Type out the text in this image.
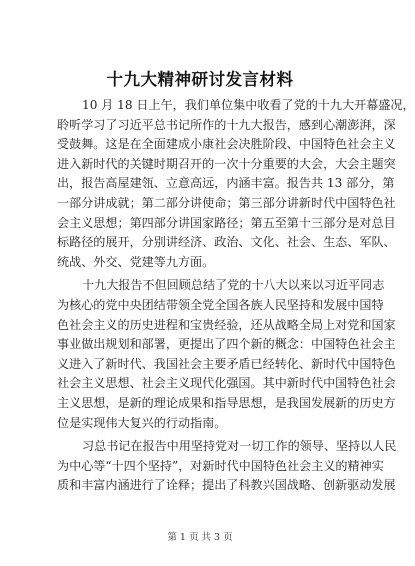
十九大精神研讨发言材料
10 月 18 日上午，我们单位集中收看了党的十九大开幕盛况，
聆听学习了习近平总书记所作的十九大报告，感到心潮澎湃，深
受鼓舞。这是在全面建成小康社会决胜阶段、中国特色社会主义
进入新时代的关键时期召开的一次十分重要的大会，大会主题突
出，报告高屋建瓴、立意高远，内涵丰富。报告共 13 部分，第
一部分讲成就；第二部分讲使命；第三部分讲新时代中国特色社
会主义思想；第四部分讲国家路径；第五至第十三部分是对总目
标路径的展开，分别讲经济、政治、文化、社会、生态、军队、
统战、外交、党建等九方面。
十九大报告不但回顾总结了党的十八大以来以习近平同志
为核心的党中央团结带领全党全国各族人民坚持和发展中国特
色社会主义的历史进程和宝贵经验，还从战略全局上对党和国家
事业做出规划和部署，更提出了四个新的概念：中国特色社会主
义进入了新时代、我国社会主要矛盾已经转化、新时代中国特色
社会主义思想、社会主义现代化强国。其中新时代中国特色社会
主义思想，是新的理论成果和指导思想，是我国发展新的历史方
位是实现伟大复兴的行动指南。
习总书记在报告中用坚持党对一切工作的领导、坚持以人民
为中心等“十四个坚持”，对新时代中国特色社会主义的精神实
质和丰富内涵进行了诠释；提出了科教兴国战略、创新驱动发展
第 1 页 共 3 页
